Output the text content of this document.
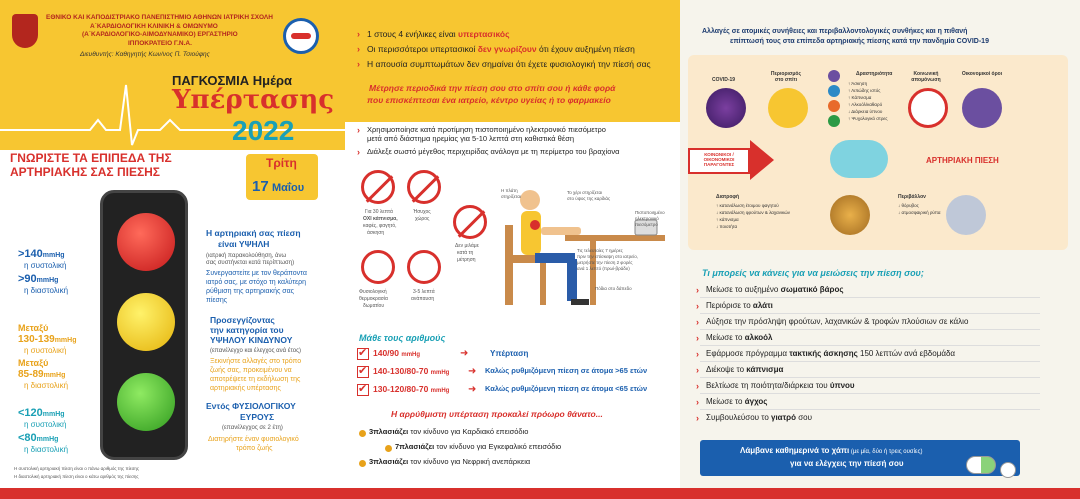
ΕΘΝΙΚΟ ΚΑΙ ΚΑΠΟΔΙΣΤΡΙΑΚΟ ΠΑΝΕΠΙΣΤΗΜΙΟ ΑΘΗΝΩΝ ΙΑΤΡΙΚΗ ΣΧΟΛΗ
Α΄ΚΑΡΔΙΟΛΟΓΙΚΗ ΚΛΙΝΙΚΗ & ΟΜΩΝΥΜΟ
(Α΄ΚΑΡΔΙΟΛΟΓΙΚΟ-ΑΙΜΟΔΥΝΑΜΙΚΟ) ΕΡΓΑΣΤΗΡΙΟ
ΙΠΠΟΚΡΑΤΕΙΟ Γ.Ν.Α.
Διευθυντής: Καθηγητής Κων/νος Π. Τσιούφης
ΠΑΓΚΟΣΜΙΑ Ημέρα
Υπέρτασης
2022
ΓΝΩΡΙΣΤΕ ΤΑ ΕΠΙΠΕΔΑ ΤΗΣ
ΑΡΤΗΡΙΑΚΗΣ ΣΑΣ ΠΙΕΣΗΣ
Τρίτη
17 Μαΐου
>140mmHg
η συστολική
>90mmHg
η διαστολική
Μεταξύ
130-139mmHg
η συστολική
Μεταξύ
85-89mmHg
η διαστολική
<120mmHg
η συστολική
<80mmHg
η διαστολική
Η αρτηριακή σας πίεση
είναι ΥΨΗΛΗ
(ιατρική παρακολούθηση, άνω
σας συστήνεται κατά περίπτωση)
Συνεργαστείτε με τον θεράποντα
ιατρό σας, με στόχο τη καλύτερη
ρύθμιση της αρτηριακής σας
πίεσης
Προσεγγίζοντας
την κατηγορία του
ΥΨΗΛΟΥ ΚΙΝΔΥΝΟΥ
(επανέλεγχο και έλεγχος ανά έτος)
Ξεκινήστε αλλαγές στο τρόπο
ζωής σας, προκειμένου να
αποτρέψετε τη εκδήλωση της
αρτηριακής υπέρτασης
Εντός ΦΥΣΙΟΛΟΓΙΚΟΥ
ΕΥΡΟΥΣ
(επανέλεγχος σε 2 έτη)
Διατηρήστε έναν φυσιολογικό
τρόπο ζωής
Η συστολική αρτηριακή πίεση είναι ο πάνω αριθμός της πίεσης
Η διαστολική αρτηριακή πίεση είναι ο κάτω αριθμός της πίεσης
› 1 στους 4 ενήλικες είναι υπερτασικός
› Οι περισσότεροι υπερτασικοί δεν γνωρίζουν ότι έχουν αυξημένη πίεση
› Η απουσία συμπτωμάτων δεν σημαίνει ότι έχετε φυσιολογική την πίεσή σας
Μέτρησε περιοδικά την πίεση σου στο σπίτι σου ή κάθε φορά
που επισκέπτεσαι ένα ιατρείο, κέντρο υγείας ή το φαρμακείο
› Χρησιμοποίησε κατά προτίμηση πιστοποιημένο ηλεκτρονικό πιεσόμετρο
μετά από διάστημα ηρεμίας για 5-10 λεπτά στη καθιστικά θέση
› Διάλεξε σωστό μέγεθος περιχειρίδας ανάλογα με τη περίμετρο του βραχίονα
Για 30 λεπτά
ΟΧΙ κάπνισμα,
καφές, φαγητό,
άσκηση
Ήσυχος
χώρος
Δεν μιλάμε
κατά τη
μέτρηση
Φυσιολογική
θερμοκρασία
δωματίου
3-5 λεπτά
ανάπαυση
Η πλάτη
στηρίζεται
Το χέρι στηρίζεται
στο ύψος της καρδιάς
Πιστοποιημένο
ηλεκτρονικό
πιεσόμετρο
Τις τελευταίες 7 ημέρες
πριν την επίσκεψη στο ιατρείο,
μετρήστε την πίεση 2 φορές
ανά 1 λεπτό (πρωί-βράδυ)
Πόδια στο δάπεδο
Μάθε τους αριθμούς
✔
140/90 mmHg	➜	Υπέρταση
✔
140-130/80-70 mmHg ➜ Καλώς ρυθμιζόμενη πίεση σε άτομα >65 ετών
✔
130-120/80-70 mmHg ➜ Καλώς ρυθμιζόμενη πίεση σε άτομα <65 ετών
Η αρρύθμιστη υπέρταση προκαλεί πρόωρο θάνατο...
3πλασιάζει τον κίνδυνο για Καρδιακό επεισόδιο
7πλασιάζει τον κίνδυνο για Εγκεφαλικό επεισόδιο
3πλασιάζει τον κίνδυνο για Νεφρική ανεπάρκεια
Αλλαγές σε ατομικές συνήθειες και περιβαλλοντολογικές συνθήκες και η πιθανή
επίπτωσή τους στα επίπεδα αρτηριακής πίεσης κατά την πανδημία COVID-19
COVID-19
Περιορισμός στο σπίτι
Δραστηριότητα
↑ Άσκηση
↑ Λιπώδης ιστός
↑ Κάπνισμα
↑ Αλκοόλ/καθαρό
↓ Διάρκεια ύπνου
↑ Ψυχολογικό στρες
Κοινωνική απομόνωση
Οικονομικοί όροι
ΚΟΙΝΩΝΙΚΟΙ / ΟΙΚΟΝΟΜΙΚΟΙ ΠΑΡΑΓΟΝΤΕΣ	ΑΡΤΗΡΙΑΚΗ ΠΙΕΣΗ
Διατροφή
↑ κατανάλωση έτοιμου φαγητού
↓ κατανάλωση φρούτων & λαχανικών
↑ κάπνισμα
↓ ποιοτήτα
Περιβάλλον
↓ θόρυβος
↓ ατμοσφαιρική ρύπα
Τι μπορείς να κάνεις για να μειώσεις την πίεση σου;
› Μείωσε το αυξημένο σωματικό βάρος
› Περιόρισε το αλάτι
› Αύξησε την πρόσληψη φρούτων, λαχανικών & τροφών πλούσιων σε κάλιο
› Μείωσε το αλκοόλ
› Εφάρμοσε πρόγραμμα τακτικής άσκησης 150 λεπτών ανά εβδομάδα
› Διέκοψε το κάπνισμα
› Βελτίωσε τη ποιότητα/διάρκεια του ύπνου
› Μείωσε το άγχος
› Συμβουλεύσου το γιατρό σου
Λάμβανε καθημερινά το χάπι (με μία, δύο ή τρεις ουσίες)
για να ελέγχεις την πίεσή σου
